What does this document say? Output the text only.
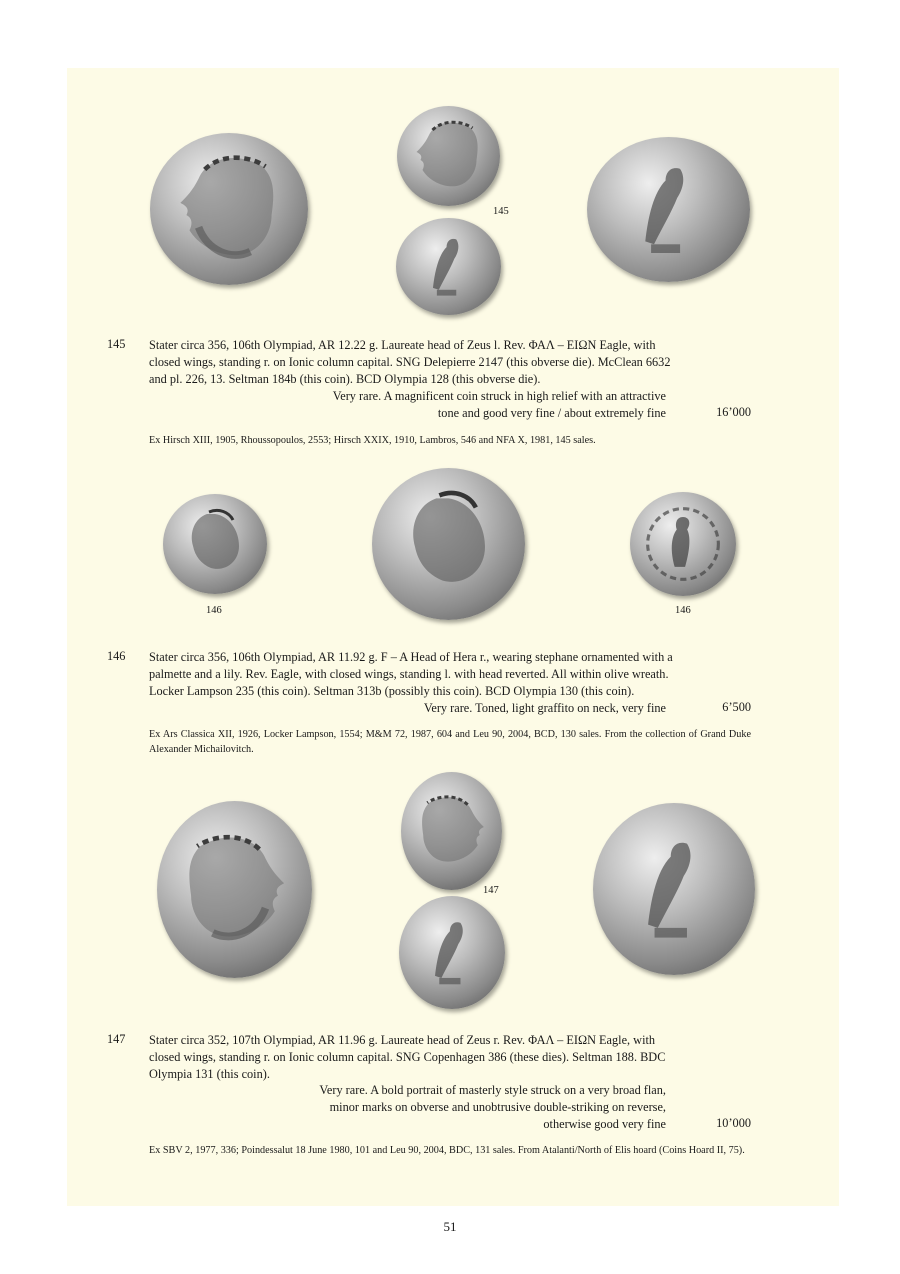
145
145 Stater circa 356, 106th Olympiad, AR 12.22 g. Laureate head of Zeus l. Rev. ΦΑΛ – ΕΙΩΝ Eagle, with
closed wings, standing r. on Ionic column capital. SNG Delepierre 2147 (this obverse die). McClean 6632
and pl. 226, 13. Seltman 184b (this coin). BCD Olympia 128 (this obverse die).
Very rare. A magnificent coin struck in high relief with an attractive
tone and good very fine / about extremely fine	16’000
Ex Hirsch XIII, 1905, Rhoussopoulos, 2553; Hirsch XXIX, 1910, Lambros, 546 and NFA X, 1981, 145 sales.
146	146
146 Stater circa 356, 106th Olympiad, AR 11.92 g. F – A Head of Hera r., wearing stephane ornamented with a
palmette and a lily. Rev. Eagle, with closed wings, standing l. with head reverted. All within olive wreath.
Locker Lampson 235 (this coin). Seltman 313b (possibly this coin). BCD Olympia 130 (this coin).
Very rare. Toned, light graffito on neck, very fine	6’500
Ex Ars Classica XII, 1926, Locker Lampson, 1554; M&M 72, 1987, 604 and Leu 90, 2004, BCD, 130 sales. From the collection of Grand Duke Alexander Michailovitch.
147
147 Stater circa 352, 107th Olympiad, AR 11.96 g. Laureate head of Zeus r. Rev. ΦΑΛ – ΕΙΩΝ Eagle, with
closed wings, standing r. on Ionic column capital. SNG Copenhagen 386 (these dies). Seltman 188. BDC
Olympia 131 (this coin).
Very rare. A bold portrait of masterly style struck on a very broad flan,
minor marks on obverse and unobtrusive double-striking on reverse,
otherwise good very fine	10’000
Ex SBV 2, 1977, 336; Poindessalut 18 June 1980, 101 and Leu 90, 2004, BDC, 131 sales. From Atalanti/North of Elis hoard (Coins Hoard II, 75).
51
